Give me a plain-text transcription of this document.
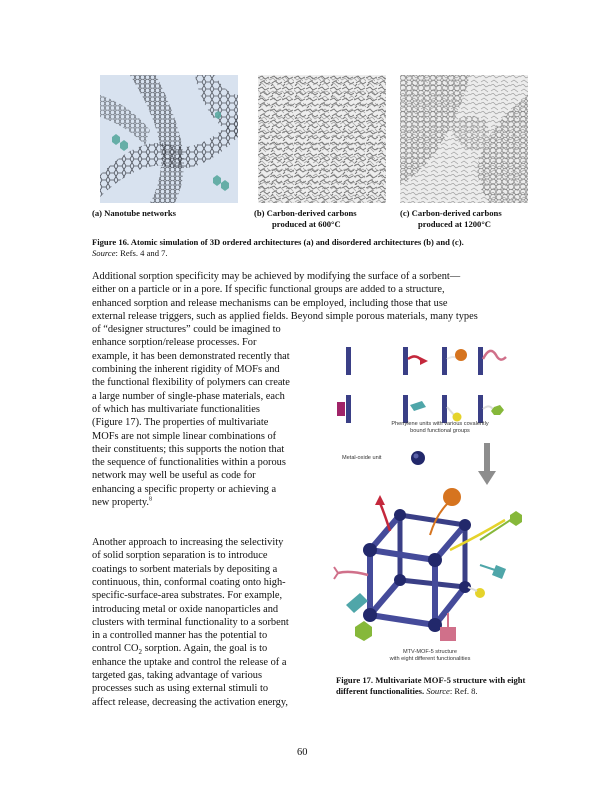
(a) Nanotube networks	(b) Carbon-derived carbons
produced at 600°C
(c) Carbon-derived carbons
produced at 1200°C
Figure 16. Atomic simulation of 3D ordered architectures (a) and disordered architectures (b) and (c).
Source: Refs. 4 and 7.
Additional sorption specificity may be achieved by modifying the surface of a sorbent—
either on a particle or in a pore. If specific functional groups are added to a structure,
enhanced sorption and release mechanisms can be employed, including those that use
external release triggers, such as applied fields. Beyond simple porous materials, many types
of “designer structures” could be imagined to
enhance sorption/release processes. For
example, it has been demonstrated recently that
combining the inherent rigidity of MOFs and
the functional flexibility of polymers can create
a large number of single-phase materials, each
of which has multivariate functionalities
(Figure 17). The properties of multivariate
MOFs are not simple linear combinations of
their constituents; this supports the notion that
the sequence of functionalities within a porous
network may well be useful as code for
enhancing a specific property or achieving a
new property.$^8$
Another approach to increasing the selectivity
of solid sorption separation is to introduce
coatings to sorbent materials by depositing a
continuous, thin, conformal coating onto high-
specific-surface-area substrates. For example,
introducing metal or oxide nanoparticles and
clusters with terminal functionality to a sorbent
in a controlled manner has the potential to
control $CO_2$ sorption. Again, the goal is to
enhance the uptake and control the release of a
targeted gas, taking advantage of various
processes such as using external stimuli to
affect release, decreasing the activation energy,
Phenylene units with various covalently
bound functional groups
Metal-oxide unit
MTV-MOF-5 structure
with eight different functionalities
Figure 17. Multivariate MOF-5 structure with eight different functionalities. Source: Ref. 8.
60
